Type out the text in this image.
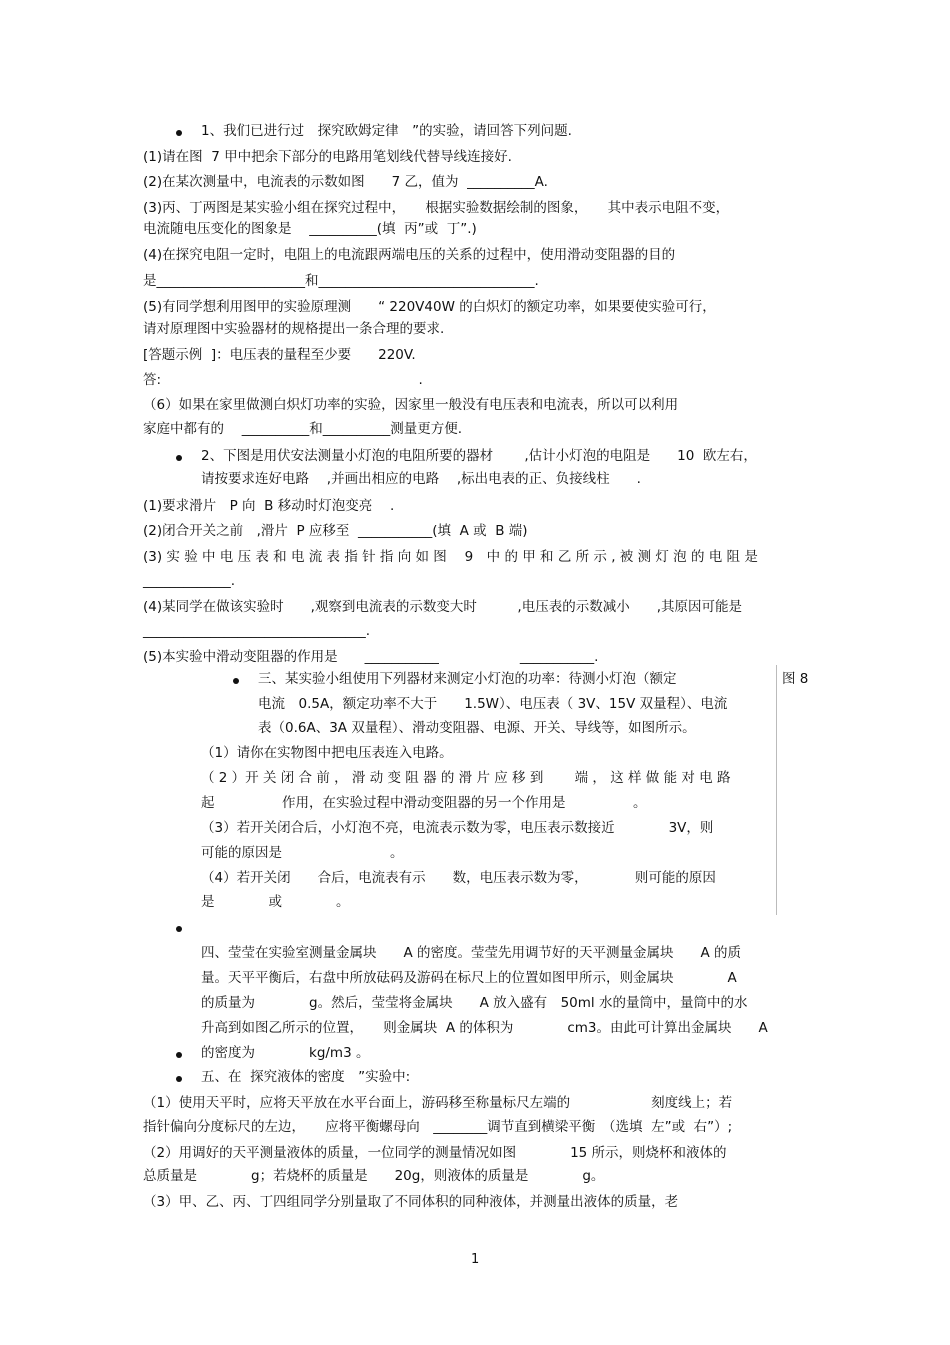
1、我们已进行过　探究欧姆定律　”的实验，请回答下列问题.
(1)请在图  7 甲中把余下部分的电路用笔划线代替导线连接好.
(2)在某次测量中，电流表的示数如图　　7 乙，值为  __________A.
(3)丙、丁两图是某实验小组在探究过程中，　　根据实验数据绘制的图象，　　其中表示电阻不变，
电流随电压变化的图象是　 __________(填  丙”或  丁”.)
(4)在探究电阻一定时，电阻上的电流跟两端电压的关系的过程中，使用滑动变阻器的目的
是______________________和________________________________.
(5)有同学想利用图甲的实验原理测　　“ 220V40W 的白炽灯的额定功率，如果要使实验可行，
请对原理图中实验器材的规格提出一条合理的要求.
[答题示例  ]：电压表的量程至少要　　220V.
答:                                                            .
（6）如果在家里做测白炽灯功率的实验，因家里一般没有电压表和电流表，所以可以利用
家庭中都有的　 __________和__________测量更方便.
2、下图是用伏安法测量小灯泡的电阻所要的器材　　 ,估计小灯泡的电阻是　　10  欧左右，
请按要求连好电路　 ,并画出相应的电路　 ,标出电表的正、负接线柱　　.
(1)要求滑片　P 向  B 移动时灯泡变亮　 .
(2)闭合开关之前　,滑片  P 应移至  ___________(填  A 或  B 端)
(3) 实 验 中 电 压 表 和 电 流 表 指 针 指 向 如 图　 9　中 的 甲 和 乙 所 示 , 被 测 灯 泡 的 电 阻 是
_____________.
(4)某同学在做该实验时　　,观察到电流表的示数变大时　　　,电压表的示数减小　　,其原因可能是
_________________________________.
(5)本实验中滑动变阻器的作用是　　___________　　　　　　___________.
三、某实验小组使用下列器材来测定小灯泡的功率：待测小灯泡（额定	图 8
电流　0.5A，额定功率不大于　　1.5W）、电压表（ 3V、15V 双量程）、电流
表（0.6A、3A 双量程）、滑动变阻器、电源、开关、导线等，如图所示。
（1）请你在实物图中把电压表连入电路。
（ 2 ）开 关 闭 合 前 ， 滑 动 变 阻 器 的 滑 片 应 移 到 　　端 ， 这 样 做 能 对 电 路
起　　　　　作用，在实验过程中滑动变阻器的另一个作用是　　　　　。
（3）若开关闭合后，小灯泡不亮，电流表示数为零，电压表示数接近　　　　3V，则
可能的原因是　　　　　　　　。
（4）若开关闭　　合后，电流表有示　　数，电压表示数为零，　　　　则可能的原因
是　　　　或　　　　。
四、莹莹在实验室测量金属块　　A 的密度。莹莹先用调节好的天平测量金属块　　A 的质
量。天平平衡后，右盘中所放砝码及游码在标尺上的位置如图甲所示，则金属块　　　　A
的质量为　　　　g。然后，莹莹将金属块　　A 放入盛有　50ml 水的量筒中，量筒中的水
升高到如图乙所示的位置，　　则金属块  A 的体积为　　　　cm3。由此可计算出金属块　　A
的密度为　　　　kg/m3 。
五、在  探究液体的密度　”实验中:
（1）使用天平时，应将天平放在水平台面上，游码移至称量标尺左端的　　　　　　刻度线上；若
指针偏向分度标尺的左边，　　应将平衡螺母向　________调节直到横梁平衡　（选填  左”或  右”）;
（2）用调好的天平测量液体的质量，一位同学的测量情况如图　　　　15 所示，则烧杯和液体的
总质量是　　　　g；若烧杯的质量是　　20g，则液体的质量是　　　　g。
（3）甲、乙、丙、丁四组同学分别量取了不同体积的同种液体，并测量出液体的质量，老
1
